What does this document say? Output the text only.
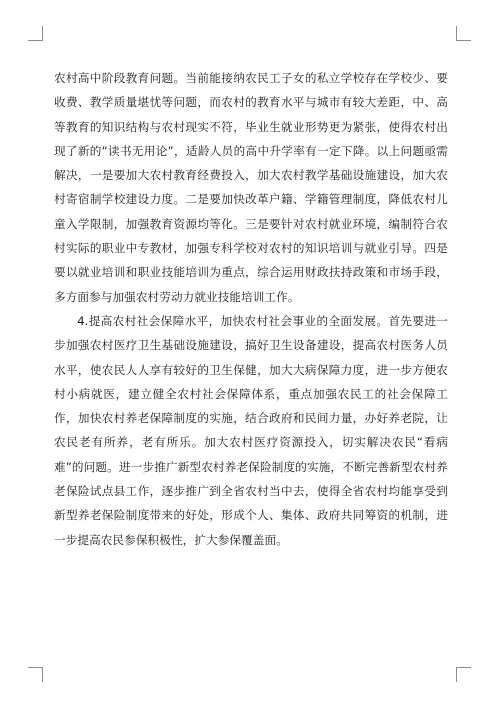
农村高中阶段教育问题。当前能接纳农民工子女的私立学校存在学校少、要收费、教学质量堪忧等问题，而农村的教育水平与城市有较大差距，中、高等教育的知识结构与农村现实不符，毕业生就业形势更为紧张，使得农村出现了新的“读书无用论”，适龄人员的高中升学率有一定下降。以上问题亟需解决，一是要加大农村教育经费投入，加大农村教学基础设施建设，加大农村寄宿制学校建设力度。二是要加快改革户籍、学籍管理制度，降低农村儿童入学限制，加强教育资源均等化。三是要针对农村就业环境，编制符合农村实际的职业中专教材，加强专科学校对农村的知识培训与就业引导。四是要以就业培训和职业技能培训为重点，综合运用财政扶持政策和市场手段，多方面参与加强农村劳动力就业技能培训工作。

4.提高农村社会保障水平，加快农村社会事业的全面发展。首先要进一步加强农村医疗卫生基础设施建设，搞好卫生设备建设，提高农村医务人员水平，使农民人人享有较好的卫生保健，加大大病保障力度，进一步方便农村小病就医，建立健全农村社会保障体系，重点加强农民工的社会保障工作，加快农村养老保障制度的实施，结合政府和民间力量，办好养老院，让农民老有所养，老有所乐。加大农村医疗资源投入，切实解决农民“看病难”的问题。进一步推广新型农村养老保险制度的实施，不断完善新型农村养老保险试点县工作，逐步推广到全省农村当中去，使得全省农村均能享受到新型养老保险制度带来的好处，形成个人、集体、政府共同筹资的机制，进一步提高农民参保积极性，扩大参保覆盖面。
